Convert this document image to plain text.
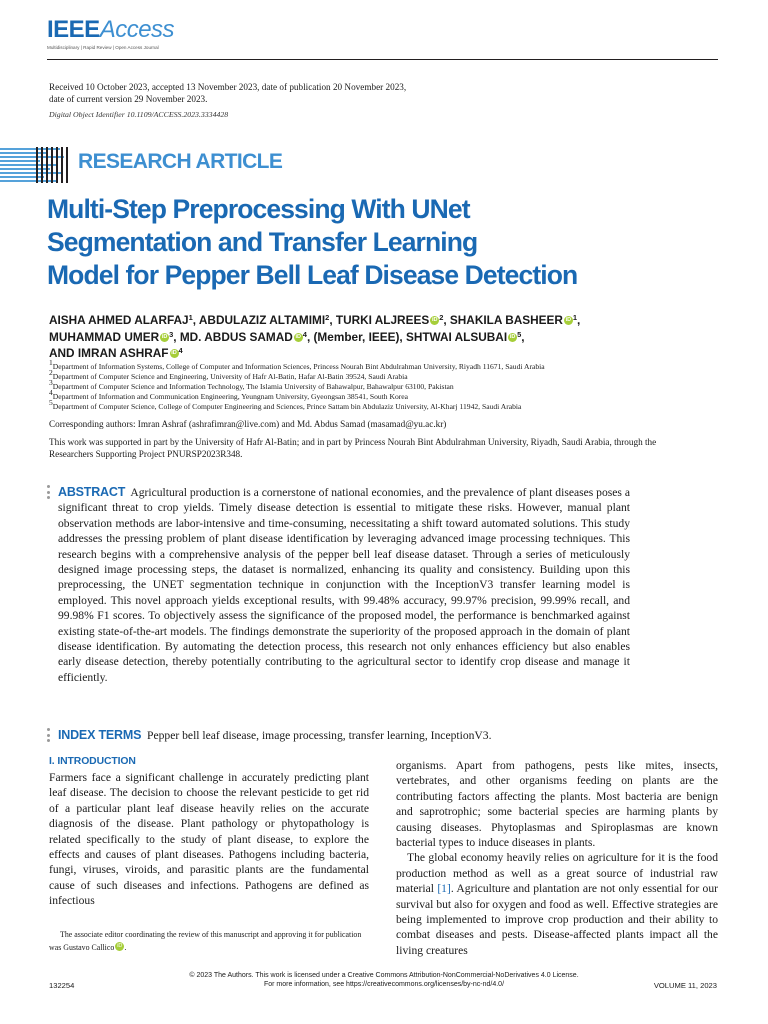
IEEEAccess
Multidisciplinary | Rapid Review | Open Access Journal
Received 10 October 2023, accepted 13 November 2023, date of publication 20 November 2023,
date of current version 29 November 2023.
Digital Object Identifier 10.1109/ACCESS.2023.3334428
RESEARCH ARTICLE
Multi-Step Preprocessing With UNet
Segmentation and Transfer Learning
Model for Pepper Bell Leaf Disease Detection
AISHA AHMED ALARFAJ$^1$, ABDULAZIZ ALTAMIMI$^2$, TURKI ALJREES iD $^2$, SHAKILA BASHEER iD $^1$,
MUHAMMAD UMER iD $^3$, MD. ABDUS SAMAD iD $^4$, (Member, IEEE), SHTWAI ALSUBAI iD $^5$,
AND IMRAN ASHRAF iD $^4$
$^1$Department of Information Systems, College of Computer and Information Sciences, Princess Nourah Bint Abdulrahman University, Riyadh 11671, Saudi Arabia
$^2$Department of Computer Science and Engineering, University of Hafr Al-Batin, Hafar Al-Batin 39524, Saudi Arabia
$^3$Department of Computer Science and Information Technology, The Islamia University of Bahawalpur, Bahawalpur 63100, Pakistan
$^4$Department of Information and Communication Engineering, Yeungnam University, Gyeongsan 38541, South Korea
$^5$Department of Computer Science, College of Computer Engineering and Sciences, Prince Sattam bin Abdulaziz University, Al-Kharj 11942, Saudi Arabia
Corresponding authors: Imran Ashraf (ashrafimran@live.com) and Md. Abdus Samad (masamad@yu.ac.kr)
This work was supported in part by the University of Hafr Al-Batin; and in part by Princess Nourah Bint Abdulrahman University, Riyadh, Saudi Arabia, through the Researchers Supporting Project PNURSP2023R348.
ABSTRACT Agricultural production is a cornerstone of national economies, and the prevalence of plant diseases poses a significant threat to crop yields. Timely disease detection is essential to mitigate these risks. However, manual plant observation methods are labor-intensive and time-consuming, necessitating a shift toward automated solutions. This study addresses the pressing problem of plant disease identification by leveraging advanced image processing techniques. This research begins with a comprehensive analysis of the pepper bell leaf disease dataset. Through a series of meticulously designed image processing steps, the dataset is normalized, enhancing its quality and consistency. Building upon this preprocessing, the UNET segmentation technique in conjunction with the InceptionV3 transfer learning model is employed. This novel approach yields exceptional results, with 99.48% accuracy, 99.97% precision, 99.99% recall, and 99.98% F1 scores. To objectively assess the significance of the proposed model, the performance is benchmarked against existing state-of-the-art models. The findings demonstrate the superiority of the proposed approach in the domain of plant disease identification. By automating the detection process, this research not only enhances efficiency but also enables early disease detection, thereby potentially contributing to the agricultural sector to identify crop disease and manage it efficiently.
INDEX TERMS Pepper bell leaf disease, image processing, transfer learning, InceptionV3.
I. INTRODUCTION

Farmers face a significant challenge in accurately predicting plant leaf disease. The decision to choose the relevant pesticide to get rid of a particular plant leaf disease heavily relies on the accurate diagnosis of the disease. Plant pathology or phytopathology is related specifically to the study of plant disease, to explore the effects and causes of plant diseases. Pathogens including bacteria, fungi, viruses, viroids, and parasitic plants are the fundamental cause of such diseases and infections. Pathogens are defined as infectious

organisms. Apart from pathogens, pests like mites, insects, vertebrates, and other organisms feeding on plants are the contributing factors affecting the plants. Most bacteria are benign and saprotrophic; some bacterial species are harming plants by causing diseases. Phytoplasmas and Spiroplasmas are known bacterial types to induce diseases in plants.

The global economy heavily relies on agriculture for it is the food production method as well as a great source of industrial raw material [1]. Agriculture and plantation are not only essential for our survival but also for oxygen and food as well. Effective strategies are being implemented to improve crop production and their ability to combat diseases and pests. Disease-affected plants impact all the living creatures

The associate editor coordinating the review of this manuscript and approving it for publication was Gustavo Callico iD .
© 2023 The Authors. This work is licensed under a Creative Commons Attribution-NonCommercial-NoDerivatives 4.0 License.
For more information, see https://creativecommons.org/licenses/by-nc-nd/4.0/
132254	VOLUME 11, 2023
